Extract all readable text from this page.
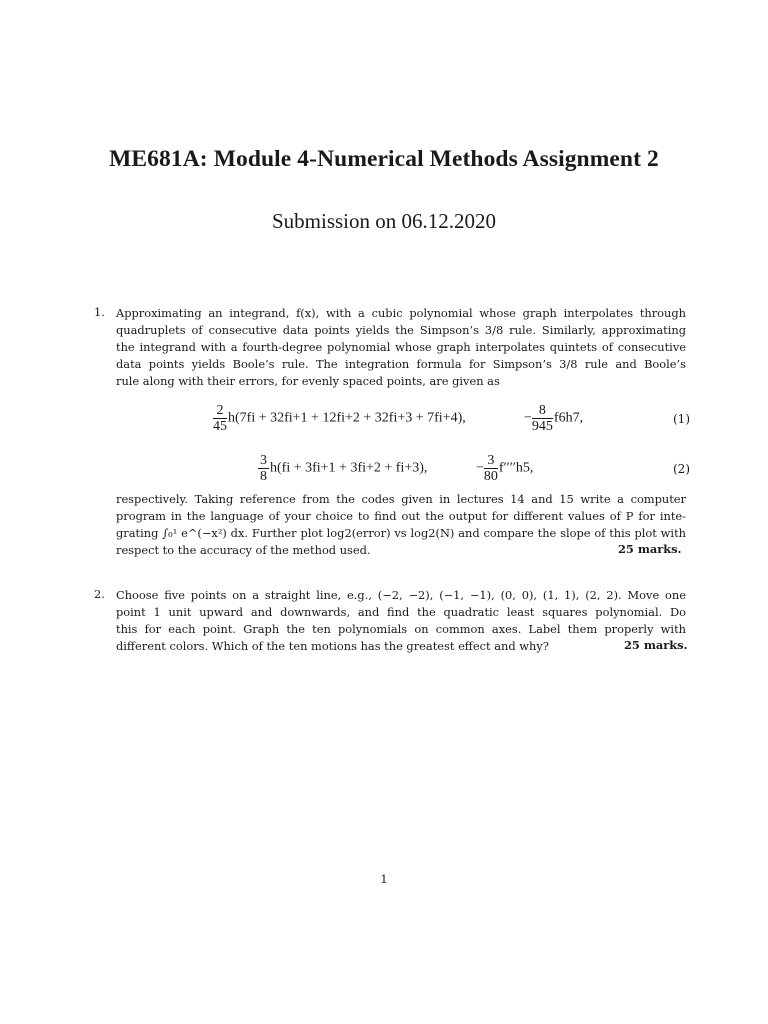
ME681A: Module 4-Numerical Methods Assignment 2
Submission on 06.12.2020
1. Approximating an integrand, f(x), with a cubic polynomial whose graph interpolates through
quadruplets of consecutive data points yields the Simpson’s 3/8 rule. Similarly, approximating
the integrand with a fourth-degree polynomial whose graph interpolates quintets of consecutive
data points yields Boole’s rule. The integration formula for Simpson’s 3/8 rule and Boole’s
rule along with their errors, for evenly spaced points, are given as
$\frac{2}{45} h(7fi + 32fi+1 + 12fi+2 + 32fi+3 + 7fi+4)$,	− $\frac{8}{945} f6h7$,	(1)
$\frac{3}{8} h(fi + 3fi+1 + 3fi+2 + fi+3)$,	− $\frac{3}{80} f''''h5$,	(2)
respectively. Taking reference from the codes given in lectures 14 and 15 write a computer
program in the language of your choice to find out the output for different values of P for inte-
grating ∫₀¹ e^(−x²) dx. Further plot log2(error) vs log2(N) and compare the slope of this plot with
respect to the accuracy of the method used.	25 marks.
2. Choose five points on a straight line, e.g., (−2, −2), (−1, −1), (0, 0), (1, 1), (2, 2). Move one
point 1 unit upward and downwards, and find the quadratic least squares polynomial. Do
this for each point. Graph the ten polynomials on common axes. Label them properly with
different colors. Which of the ten motions has the greatest effect and why?	25 marks.
1
